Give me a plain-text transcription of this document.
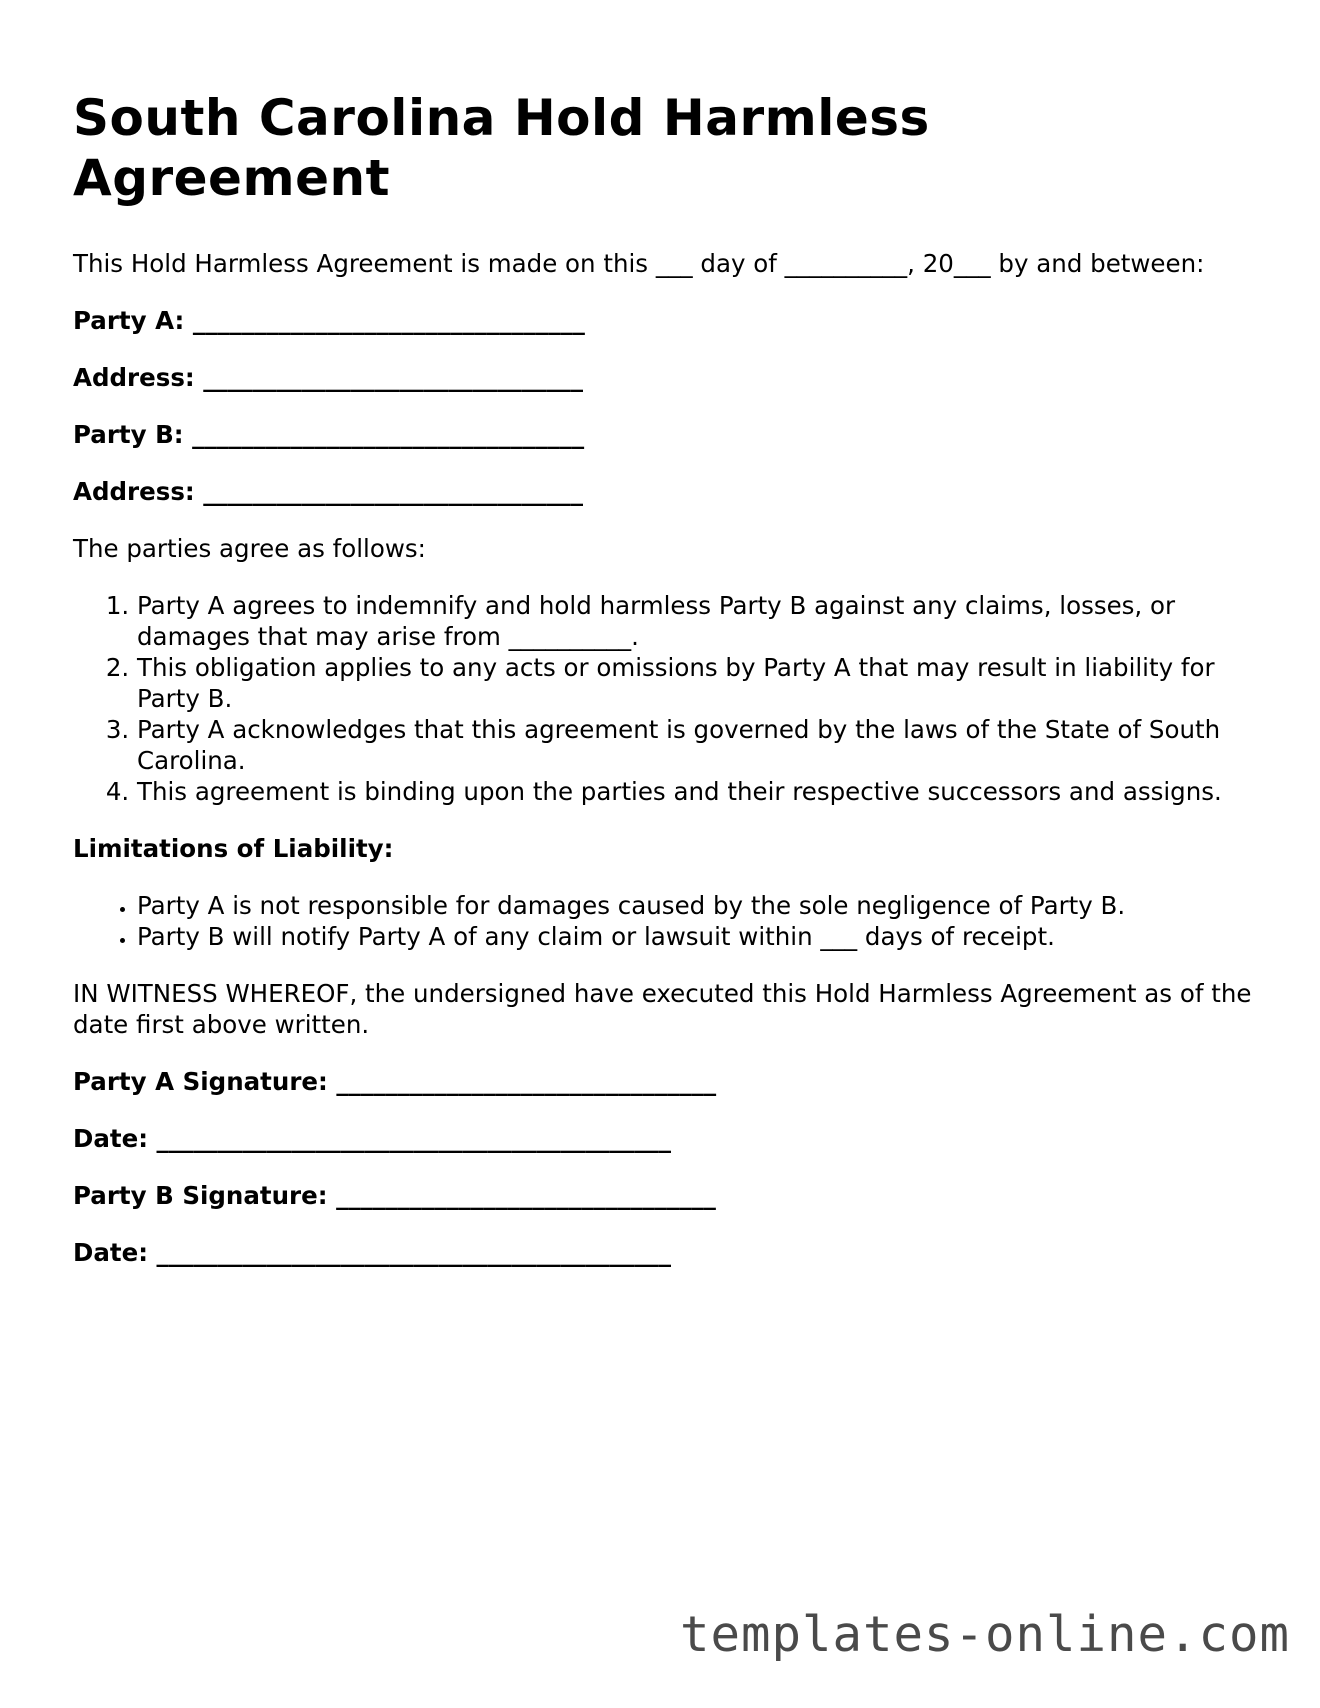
South Carolina Hold Harmless Agreement

This Hold Harmless Agreement is made on this ___ day of __________, 20___ by and between:

Party A: ________________________________
Address: _______________________________
Party B: ________________________________
Address: _______________________________

The parties agree as follows:

1. Party A agrees to indemnify and hold harmless Party B against any claims, losses, or damages that may arise from __________.
2. This obligation applies to any acts or omissions by Party A that may result in liability for Party B.
3. Party A acknowledges that this agreement is governed by the laws of the State of South Carolina.
4. This agreement is binding upon the parties and their respective successors and assigns.

Limitations of Liability:

• Party A is not responsible for damages caused by the sole negligence of Party B.
• Party B will notify Party A of any claim or lawsuit within ___ days of receipt.

IN WITNESS WHEREOF, the undersigned have executed this Hold Harmless Agreement as of the date first above written.

Party A Signature: _______________________________
Date: __________________________________________
Party B Signature: _______________________________
Date: __________________________________________
templates-online.com
